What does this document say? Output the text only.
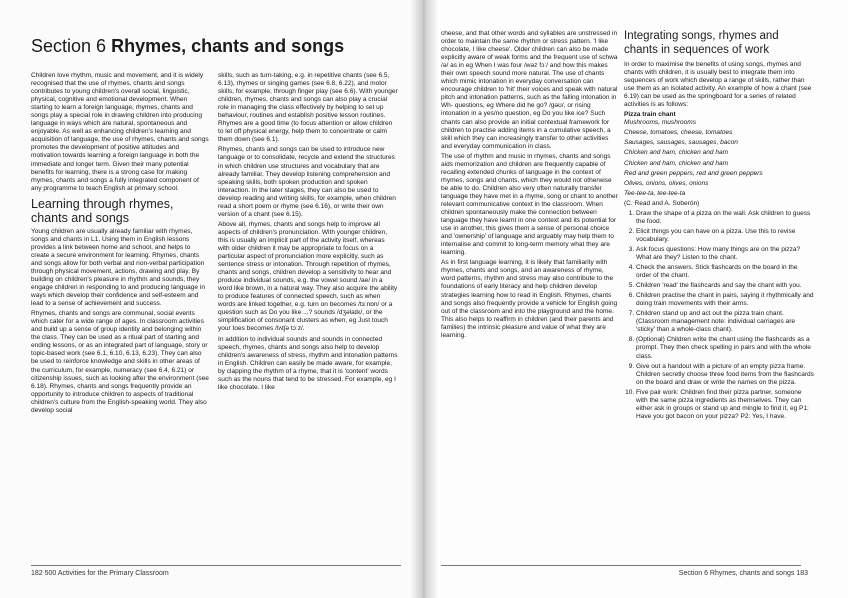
Section 6 Rhymes, chants and songs

Children love rhythm, music and movement, and it is widely recognised that the use of rhymes, chants and songs contributes to young children's overall social, linguistic, physical, cognitive and emotional development. When starting to learn a foreign language, rhymes, chants and songs play a special role in drawing children into producing language in ways which are natural, spontaneous and enjoyable. As well as enhancing children's learning and acquisition of language, the use of rhymes, chants and songs promotes the development of positive attitudes and motivation towards learning a foreign language in both the immediate and longer term. Given their many potential benefits for learning, there is a strong case for making rhymes, chants and songs a fully integrated component of any programme to teach English at primary school.

Learning through rhymes, chants and songs

Young children are usually already familiar with rhymes, songs and chants in L1. Using them in English lessons provides a link between home and school, and helps to create a secure environment for learning. Rhymes, chants and songs allow for both verbal and non-verbal participation through physical movement, actions, drawing and play. By building on children's pleasure in rhythm and sounds, they engage children in responding to and producing language in ways which develop their confidence and self-esteem and lead to a sense of achievement and success.

Rhymes, chants and songs are communal, social events which cater for a wide range of ages. In classroom activities and build up a sense of group identity and belonging within the class. They can be used as a ritual part of starting and ending lessons, or as an integrated part of language, story or topic-based work (see 6.1, 6.10, 6.13, 6.23). They can also be used to reinforce knowledge and skills in other areas of the curriculum, for example, numeracy (see 6.4, 6.21) or citizenship issues, such as looking after the environment (see 6.18). Rhymes, chants and songs frequently provide an opportunity to introduce children to aspects of traditional children's culture from the English-speaking world. They also develop social

skills, such as turn-taking, e.g. in repetitive chants (see 6.5, 6.13), rhymes or singing games (see 6.8, 6.22), and motor skills, for example, through finger play (see 6.6). With younger children, rhymes, chants and songs can also play a crucial role in managing the class effectively by helping to set up behaviour, routines and establish positive lesson routines. Rhymes are a good time (to focus attention or allow children to let off physical energy, help them to concentrate or calm them down (see 6.1).

Rhymes, chants and songs can be used to introduce new language or to consolidate, recycle and extend the structures in which children use structures and vocabulary that are already familiar. They develop listening comprehension and speaking skills, both spoken production and spoken interaction. In the later stages, they can also be used to develop reading and writing skills, for example, when children read a short poem or rhyme (see 6.16), or write their own version of a chant (see 6.15).

Above all, rhymes, chants and songs help to improve all aspects of children's pronunciation. With younger children, this is usually an implicit part of the activity itself, whereas with older children it may be appropriate to focus on a particular aspect of pronunciation more explicitly, such as sentence stress or intonation. Through repetition of rhymes, chants and songs, children develop a sensitivity to hear and produce individual sounds, e.g. the vowel sound /ae/ in a word like brown, in a natural way. They also acquire the ability to produce features of connected speech, such as when words are linked together, e.g. turn on becomes /tɜːnɒn/ or a question such as Do you like ...? sounds /dʒəlaɪk/, or the simplification of consonant clusters as when, eg Just touch your toes becomes /tʌtʃə tɔːz/.

In addition to individual sounds and sounds in connected speech, rhymes, chants and songs also help to develop children's awareness of stress, rhythm and intonation patterns in English. Children can easily be made aware, for example, by clapping the rhythm of a rhyme, that it is 'content' words such as the nouns that tend to be stressed. For example, eg I like chocolate. I like

182 500 Activities for the Primary Classroom

cheese, and that other words and syllables are unstressed in order to maintain the same rhythm or stress pattern. 'I like chocolate, I like cheese'. Older children can also be made explicitly aware of weak forms and the frequent use of schwa /ə/ as in eg When I was four /wəz fɔː/ and how this makes their own speech sound more natural. The use of chants which mimic intonation in everyday conversation can encourage children to 'hit' their voices and speak with natural pitch and intonation patterns, such as the falling intonation in Wh- questions, eg Where did he go? /ɡəʊ/, or rising intonation in a yes/no question, eg Do you like ice? Such chants can also provide an initial contextual framework for children to practise adding items in a cumulative speech, a skill which they can increasingly transfer to other activities and everyday communication in class.

The use of rhythm and music in rhymes, chants and songs aids memorization and children are frequently capable of recalling extended chunks of language in the context of rhymes, songs and chants, which they would not otherwise be able to do. Children also very often naturally transfer language they have met in a rhyme, song or chant to another relevant communicative context in the classroom. When children spontaneously make the connection between language they have learnt in one context and its potential for use in another, this gives them a sense of personal choice and 'ownership' of language and arguably may help them to internalise and commit to long-term memory what they are learning.

As in first language learning, it is likely that familiarity with rhymes, chants and songs, and an awareness of rhyme, word patterns, rhythm and stress may also contribute to the foundations of early literacy and help children develop strategies learning how to read in English. Rhymes, chants and songs also frequently provide a vehicle for English going out of the classroom and into the playground and the home. This also helps to reaffirm in children (and their parents and families) the intrinsic pleasure and value of what they are learning.

Integrating songs, rhymes and chants in sequences of work

In order to maximise the benefits of using songs, rhymes and chants with children, it is usually best to integrate them into sequences of work which develop a range of skills, rather than use them as an isolated activity. An example of how a chant (see 6.19) can be used as the springboard for a series of related activities is as follows:

Pizza train chant

Mushrooms, mushrooms

Cheese, tomatoes, cheese, tomatoes

Sausages, sausages, sausages, bacon

Chicken and ham, chicken and ham

Chicken and ham, chicken and ham

Red and green peppers, red and green peppers

Olives, onions, olives, onions

Tee-tee-ta, tee-tee-ta

(C. Read and A. Soberón)

1. Draw the shape of a pizza on the wall. Ask children to guess the food.
2. Elicit things you can have on a pizza. Use this to revise vocabulary.
3. Ask focus questions: How many things are on the pizza? What are they? Listen to the chant.
4. Check the answers. Stick flashcards on the board in the order of the chant.
5. Children 'read' the flashcards and say the chant with you.
6. Children practise the chant in pairs, saying it rhythmically and doing train movements with their arms.
7. Children stand up and act out the pizza train chant. (Classroom management note: individual carriages are 'sticky' than a whole-class chant).
8. (Optional) Children write the chant using the flashcards as a prompt. They then check spelling in pairs and with the whole class.
9. Give out a handout with a picture of an empty pizza frame. Children secretly choose three food items from the flashcards on the board and draw or write the names on the pizza.
10. Five pair work: Children find their pizza partner, someone with the same pizza ingredients as themselves. They can either ask in groups or stand up and mingle to find it, eg P1: Have you got bacon on your pizza? P2: Yes, I have.
Section 6 Rhymes, chants and songs 183
